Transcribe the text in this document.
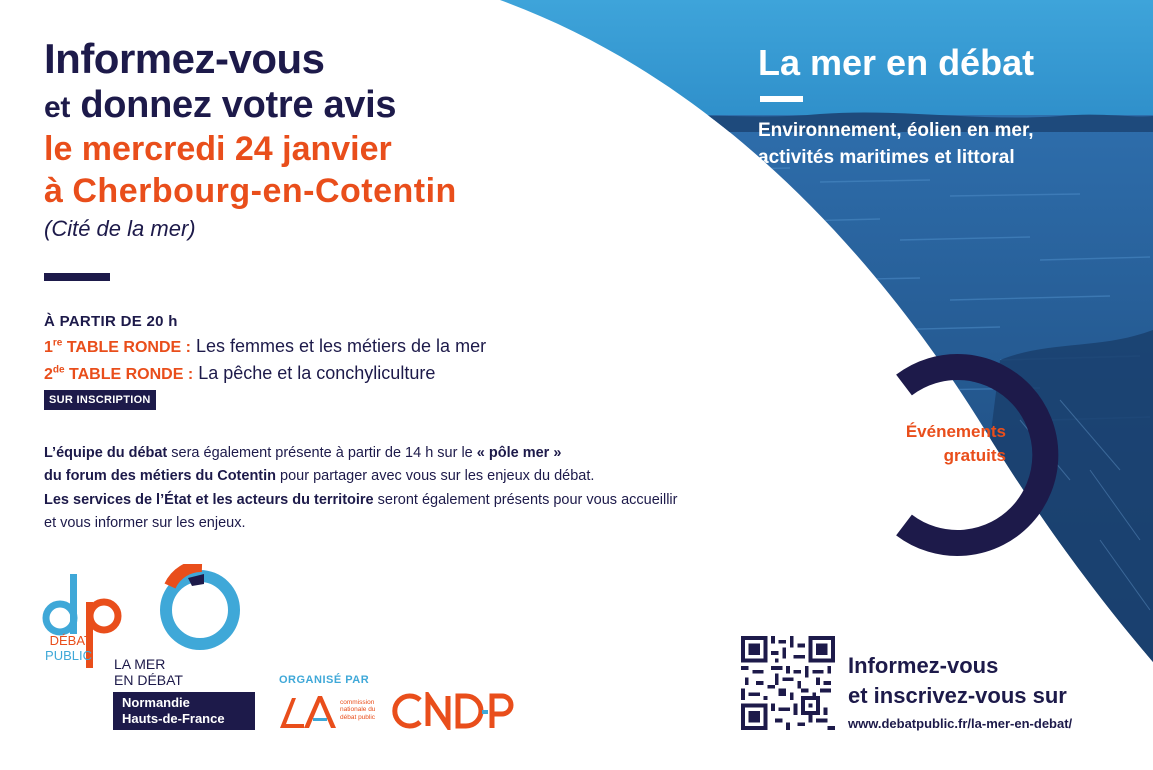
Informez-vous
et donnez votre avis
le mercredi 24 janvier
à Cherbourg-en-Cotentin
(Cité de la mer)
À PARTIR DE 20 h
1re TABLE RONDE : Les femmes et les métiers de la mer
2de TABLE RONDE : La pêche et la conchyliculture
SUR INSCRIPTION
L’équipe du débat sera également présente à partir de 14 h sur le « pôle mer »
du forum des métiers du Cotentin pour partager avec vous sur les enjeux du débat.
Les services de l’État et les acteurs du territoire seront également présents pour vous accueillir
et vous informer sur les enjeux.
La mer en débat
Environnement, éolien en mer,
activités maritimes et littoral
Événements
gratuits
Informez-vous
et inscrivez-vous sur
www.debatpublic.fr/la-mer-en-debat/
DÉBAT
PUBLIC
LA MER
EN DÉBAT
Normandie
Hauts-de-France
ORGANISÉ PAR
commission
nationale du
débat public
